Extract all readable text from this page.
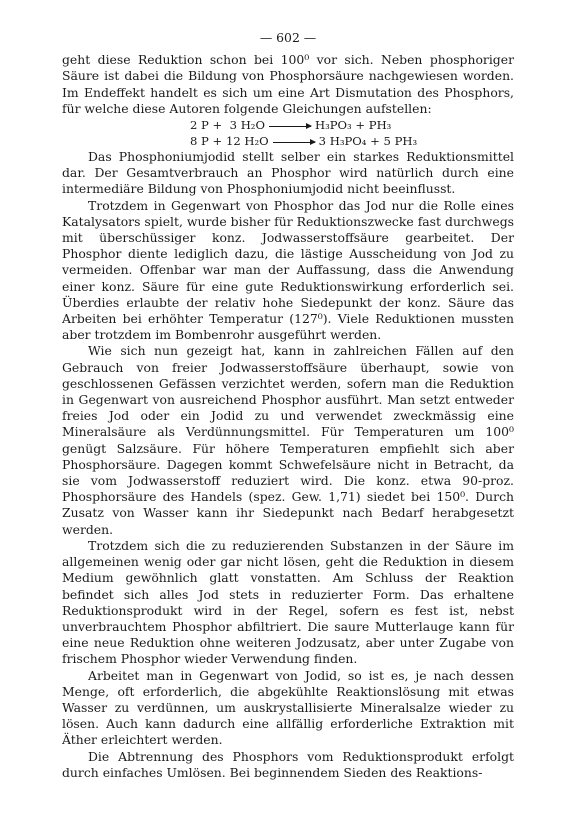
— 602 —

geht diese Reduktion schon bei 100⁰ vor sich. Neben phosphoriger Säure ist dabei die Bildung von Phosphorsäure nachgewiesen worden. Im Endeffekt handelt es sich um eine Art Dismutation des Phosphors, für welche diese Autoren folgende Gleichungen aufstellen:

2 P +  3 H₂O → H₃PO₃ + PH₃
8 P + 12 H₂O → 3 H₃PO₄ + 5 PH₃

Das Phosphoniumjodid stellt selber ein starkes Reduktionsmittel dar. Der Gesamtverbrauch an Phosphor wird natürlich durch eine intermediäre Bildung von Phosphoniumjodid nicht beeinflusst.

Trotzdem in Gegenwart von Phosphor das Jod nur die Rolle eines Katalysators spielt, wurde bisher für Reduktionszwecke fast durchwegs mit überschüssiger konz. Jodwasserstoffsäure gearbeitet. Der Phosphor diente lediglich dazu, die lästige Ausscheidung von Jod zu vermeiden. Offenbar war man der Auffassung, dass die Anwendung einer konz. Säure für eine gute Reduktionswirkung erforderlich sei. Überdies erlaubte der relativ hohe Siedepunkt der konz. Säure das Arbeiten bei erhöhter Temperatur (127⁰). Viele Reduktionen mussten aber trotzdem im Bombenrohr ausgeführt werden.

Wie sich nun gezeigt hat, kann in zahlreichen Fällen auf den Gebrauch von freier Jodwasserstoffsäure überhaupt, sowie von geschlossenen Gefässen verzichtet werden, sofern man die Reduktion in Gegenwart von ausreichend Phosphor ausführt. Man setzt entweder freies Jod oder ein Jodid zu und verwendet zweckmässig eine Mineralsäure als Verdünnungsmittel. Für Temperaturen um 100⁰ genügt Salzsäure. Für höhere Temperaturen empfiehlt sich aber Phosphorsäure. Dagegen kommt Schwefelsäure nicht in Betracht, da sie vom Jodwasserstoff reduziert wird. Die konz. etwa 90-proz. Phosphorsäure des Handels (spez. Gew. 1,71) siedet bei 150⁰. Durch Zusatz von Wasser kann ihr Siedepunkt nach Bedarf herabgesetzt werden.

Trotzdem sich die zu reduzierenden Substanzen in der Säure im allgemeinen wenig oder gar nicht lösen, geht die Reduktion in diesem Medium gewöhnlich glatt vonstatten. Am Schluss der Reaktion befindet sich alles Jod stets in reduzierter Form. Das erhaltene Reduktionsprodukt wird in der Regel, sofern es fest ist, nebst unverbrauchtem Phosphor abfiltriert. Die saure Mutterlauge kann für eine neue Reduktion ohne weiteren Jodzusatz, aber unter Zugabe von frischem Phosphor wieder Verwendung finden.

Arbeitet man in Gegenwart von Jodid, so ist es, je nach dessen Menge, oft erforderlich, die abgekühlte Reaktionslösung mit etwas Wasser zu verdünnen, um auskrystallisierte Mineralsalze wieder zu lösen. Auch kann dadurch eine allfällig erforderliche Extraktion mit Äther erleichtert werden.

Die Abtrennung des Phosphors vom Reduktionsprodukt erfolgt durch einfaches Umlösen. Bei beginnendem Sieden des Reaktions-
